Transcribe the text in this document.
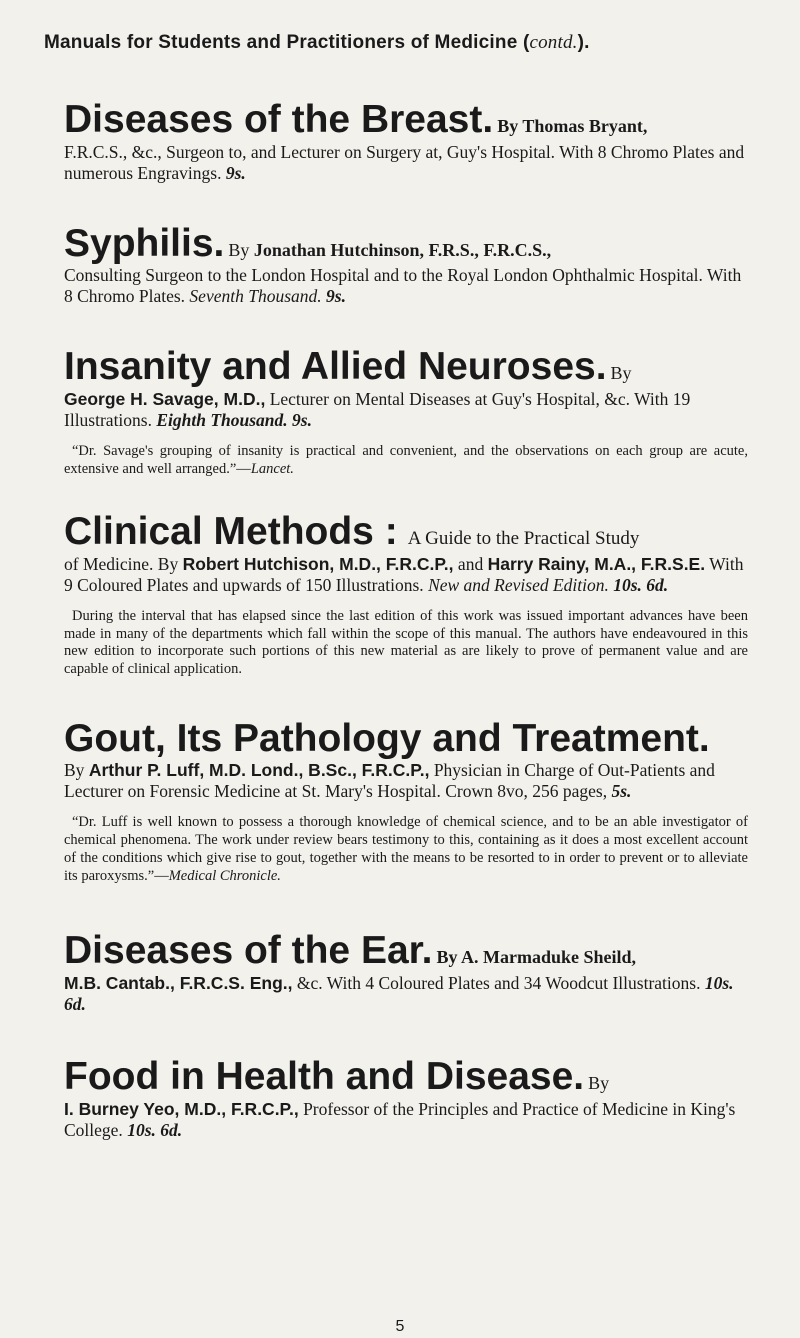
Manuals for Students and Practitioners of Medicine (contd.).
Diseases of the Breast. By Thomas Bryant,

F.R.C.S., &c., Surgeon to, and Lecturer on Surgery at, Guy's Hospital. With 8 Chromo Plates and numerous Engravings. 9s.

Syphilis. By Jonathan Hutchinson, F.R.S., F.R.C.S.,

Consulting Surgeon to the London Hospital and to the Royal London Ophthalmic Hospital. With 8 Chromo Plates. Seventh Thousand. 9s.

Insanity and Allied Neuroses. By

George H. Savage, M.D., Lecturer on Mental Diseases at Guy's Hospital, &c. With 19 Illustrations. Eighth Thousand. 9s.

“Dr. Savage's grouping of insanity is practical and convenient, and the observations on each group are acute, extensive and well arranged.”—Lancet.

Clinical Methods : A Guide to the Practical Study

of Medicine. By Robert Hutchison, M.D., F.R.C.P., and Harry Rainy, M.A., F.R.S.E. With 9 Coloured Plates and upwards of 150 Illustrations. New and Revised Edition. 10s. 6d.

During the interval that has elapsed since the last edition of this work was issued important advances have been made in many of the departments which fall within the scope of this manual. The authors have endeavoured in this new edition to incorporate such portions of this new material as are likely to prove of permanent value and are capable of clinical application.

Gout, Its Pathology and Treatment.

By Arthur P. Luff, M.D. Lond., B.Sc., F.R.C.P., Physician in Charge of Out-Patients and Lecturer on Forensic Medicine at St. Mary's Hospital. Crown 8vo, 256 pages, 5s.

“Dr. Luff is well known to possess a thorough knowledge of chemical science, and to be an able investigator of chemical phenomena. The work under review bears testimony to this, containing as it does a most excellent account of the conditions which give rise to gout, together with the means to be resorted to in order to prevent or to alleviate its paroxysms.”—Medical Chronicle.

Diseases of the Ear. By A. Marmaduke Sheild,

M.B. Cantab., F.R.C.S. Eng., &c. With 4 Coloured Plates and 34 Woodcut Illustrations. 10s. 6d.

Food in Health and Disease. By

I. Burney Yeo, M.D., F.R.C.P., Professor of the Principles and Practice of Medicine in King's College. 10s. 6d.

5
